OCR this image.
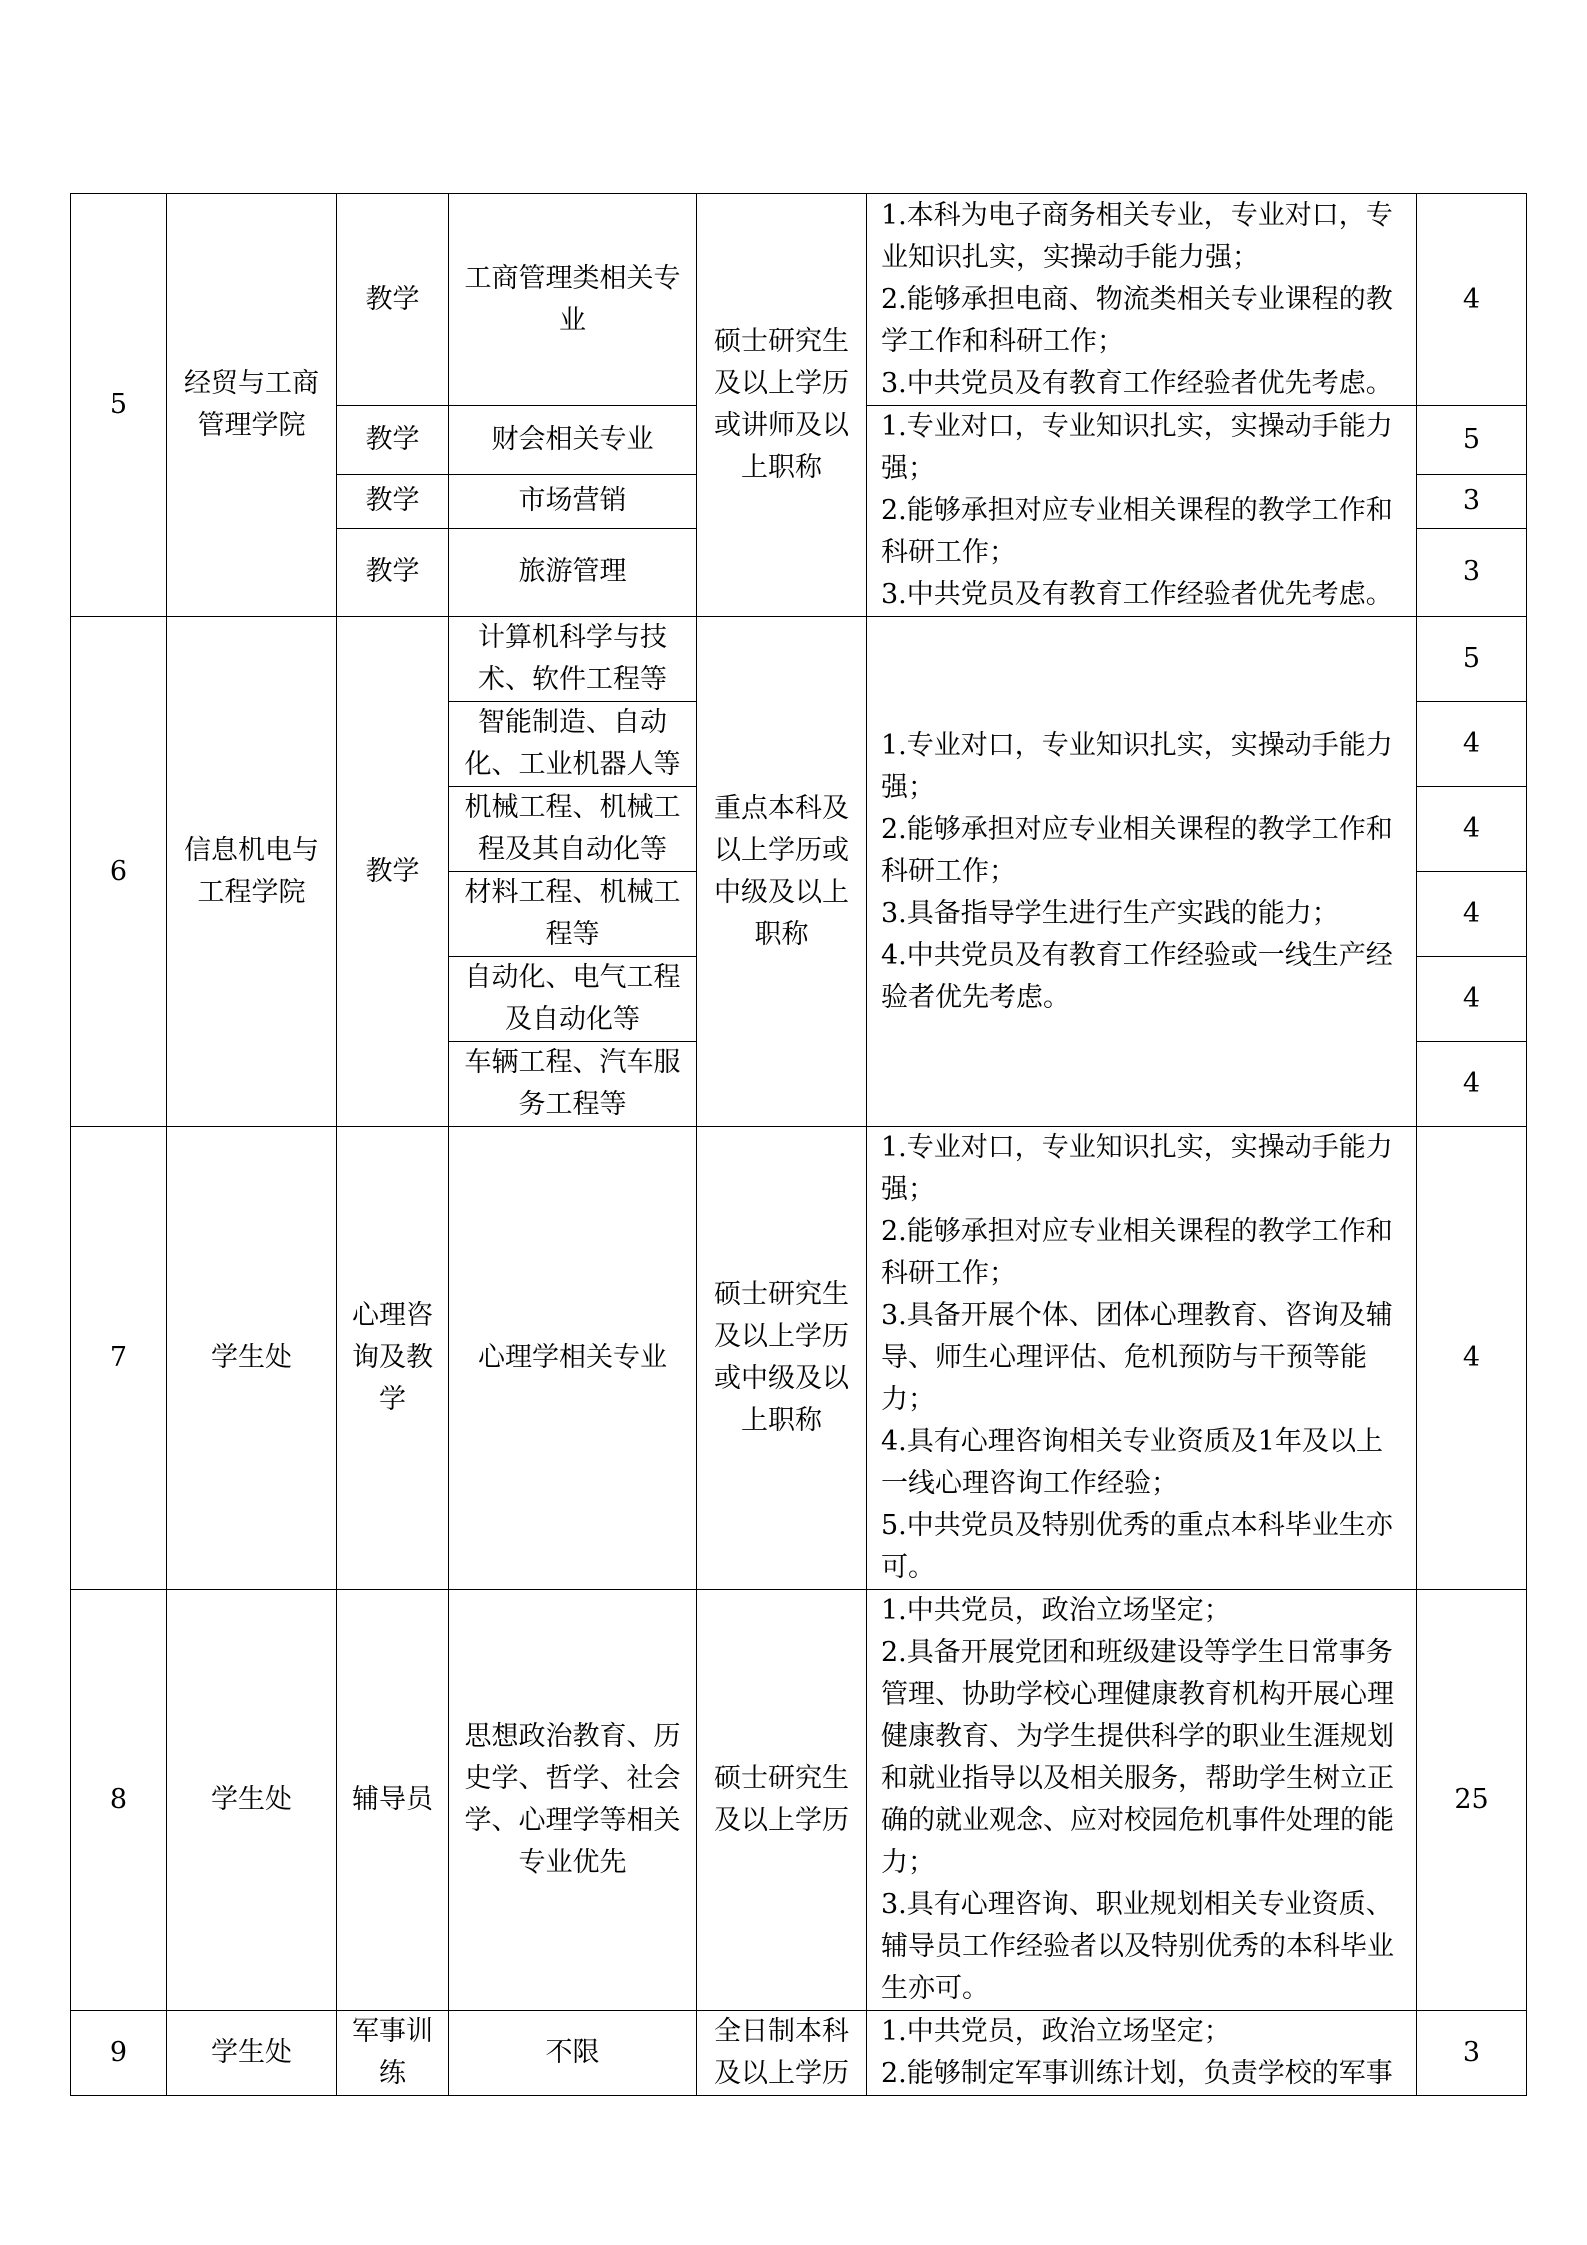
5	经贸与工商管理学院	教学	工商管理类相关专业	硕士研究生及以上学历或讲师及以上职称	1.本科为电子商务相关专业，专业对口，专业知识扎实，实操动手能力强；
2.能够承担电商、物流类相关专业课程的教学工作和科研工作；
3.中共党员及有教育工作经验者优先考虑。	4
		教学	财会相关专业		1.专业对口，专业知识扎实，实操动手能力强；
2.能够承担对应专业相关课程的教学工作和科研工作；
3.中共党员及有教育工作经验者优先考虑。	5
		教学	市场营销			3
		教学	旅游管理			3
6	信息机电与工程学院	教学	计算机科学与技术、软件工程等	重点本科及以上学历或中级及以上职称	1.专业对口，专业知识扎实，实操动手能力强；
2.能够承担对应专业相关课程的教学工作和科研工作；
3.具备指导学生进行生产实践的能力；
4.中共党员及有教育工作经验或一线生产经验者优先考虑。	5
			智能制造、自动化、工业机器人等			4
			机械工程、机械工程及其自动化等			4
			材料工程、机械工程等			4
			自动化、电气工程及自动化等			4
			车辆工程、汽车服务工程等			4
7	学生处	心理咨询及教学	心理学相关专业	硕士研究生及以上学历或中级及以上职称	1.专业对口，专业知识扎实，实操动手能力强；
2.能够承担对应专业相关课程的教学工作和科研工作；
3.具备开展个体、团体心理教育、咨询及辅导、师生心理评估、危机预防与干预等能力；
4.具有心理咨询相关专业资质及1年及以上一线心理咨询工作经验；
5.中共党员及特别优秀的重点本科毕业生亦可。	4
8	学生处	辅导员	思想政治教育、历史学、哲学、社会学、心理学等相关专业优先	硕士研究生及以上学历	1.中共党员，政治立场坚定；
2.具备开展党团和班级建设等学生日常事务管理、协助学校心理健康教育机构开展心理健康教育、为学生提供科学的职业生涯规划和就业指导以及相关服务，帮助学生树立正确的就业观念、应对校园危机事件处理的能力；
3.具有心理咨询、职业规划相关专业资质、辅导员工作经验者以及特别优秀的本科毕业生亦可。	25
9	学生处	军事训练	不限	全日制本科及以上学历	1.中共党员，政治立场坚定；
2.能够制定军事训练计划，负责学校的军事	3
